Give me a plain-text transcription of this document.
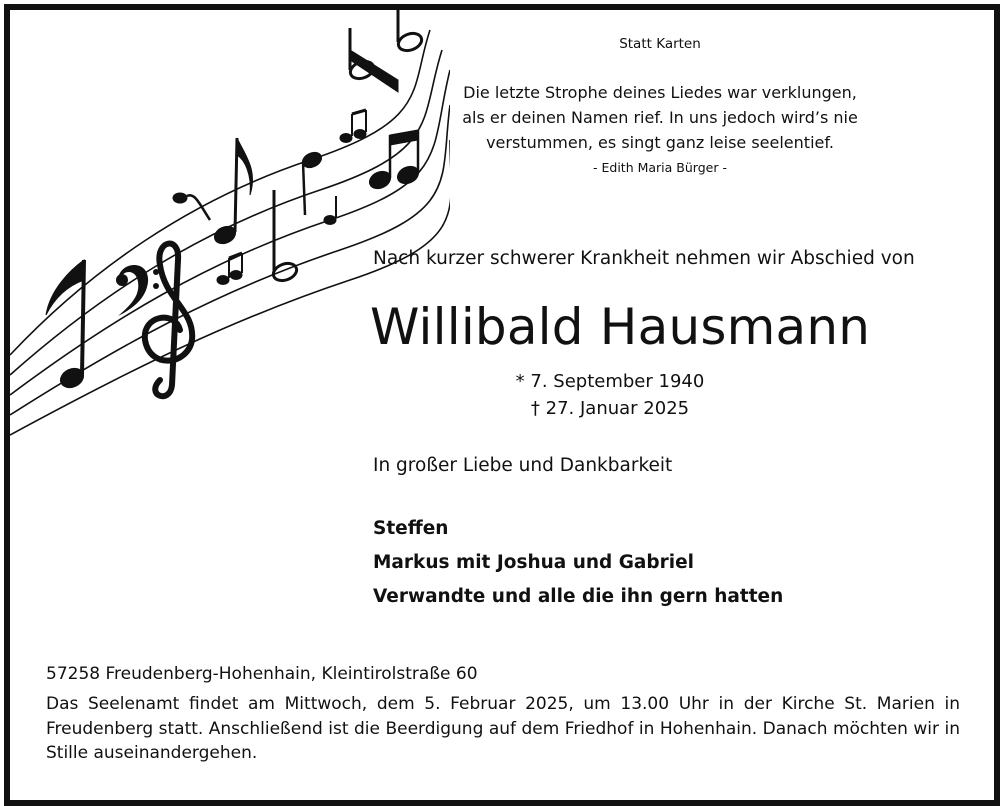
Statt Karten
Die letzte Strophe deines Liedes war verklungen,
als er deinen Namen rief. In uns jedoch wird’s nie
verstummen, es singt ganz leise seelentief.
- Edith Maria Bürger -
Nach kurzer schwerer Krankheit nehmen wir Abschied von
Willibald Hausmann
* 7. September 1940
† 27. Januar 2025
In großer Liebe und Dankbarkeit
Steffen
Markus mit Joshua und Gabriel
Verwandte und alle die ihn gern hatten
57258 Freudenberg-Hohenhain, Kleintirolstraße 60
Das Seelenamt findet am Mittwoch, dem 5. Februar 2025, um 13.00 Uhr in der Kirche St. Marien in Freudenberg statt. Anschließend ist die Beerdigung auf dem Friedhof in Hohenhain. Danach möchten wir in Stille auseinandergehen.
